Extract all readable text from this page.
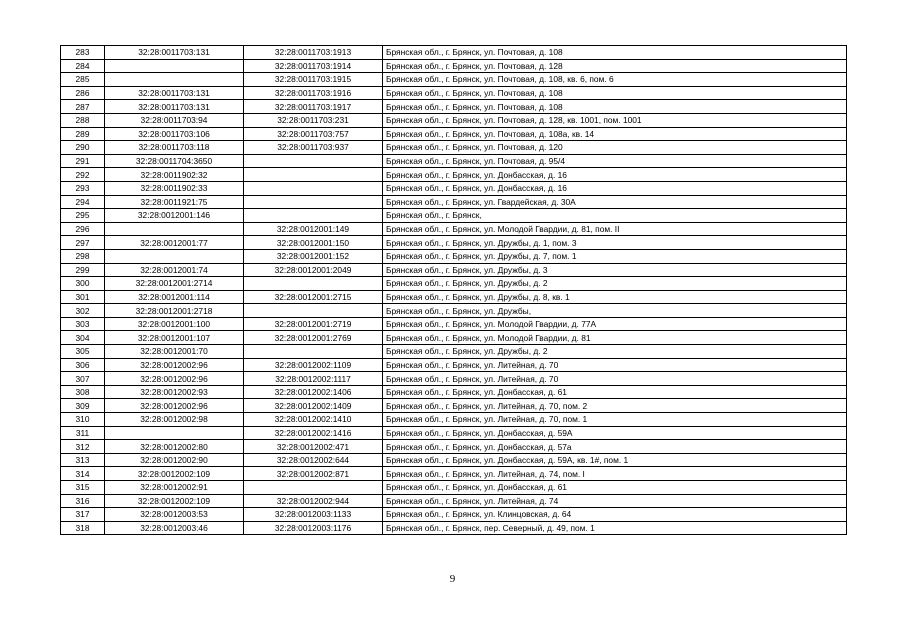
283	32:28:0011703:131	32:28:0011703:1913	Брянская обл., г. Брянск, ул. Почтовая, д. 108
284		32:28:0011703:1914	Брянская обл., г. Брянск, ул. Почтовая, д. 128
285		32:28:0011703:1915	Брянская обл., г. Брянск, ул. Почтовая, д. 108, кв. 6, пом. 6
286	32:28:0011703:131	32:28:0011703:1916	Брянская обл., г. Брянск, ул. Почтовая, д. 108
287	32:28:0011703:131	32:28:0011703:1917	Брянская обл., г. Брянск, ул. Почтовая, д. 108
288	32:28:0011703:94	32:28:0011703:231	Брянская обл., г. Брянск, ул. Почтовая, д. 128, кв. 1001, пом. 1001
289	32:28:0011703:106	32:28:0011703:757	Брянская обл., г. Брянск, ул. Почтовая, д. 108а, кв. 14
290	32:28:0011703:118	32:28:0011703:937	Брянская обл., г. Брянск, ул. Почтовая, д. 120
291	32:28:0011704:3650		Брянская обл., г. Брянск, ул. Почтовая, д. 95/4
292	32:28:0011902:32		Брянская обл., г. Брянск, ул. Донбасская, д. 16
293	32:28:0011902:33		Брянская обл., г. Брянск, ул. Донбасская, д. 16
294	32:28:0011921:75		Брянская обл., г. Брянск, ул. Гвардейская, д. 30А
295	32:28:0012001:146		Брянская обл., г. Брянск,
296		32:28:0012001:149	Брянская обл., г. Брянск, ул. Молодой Гвардии, д. 81, пом. II
297	32:28:0012001:77	32:28:0012001:150	Брянская обл., г. Брянск, ул. Дружбы, д. 1, пом. 3
298		32:28:0012001:152	Брянская обл., г. Брянск, ул. Дружбы, д. 7, пом. 1
299	32:28:0012001:74	32:28:0012001:2049	Брянская обл., г. Брянск, ул. Дружбы, д. 3
300	32:28:0012001:2714		Брянская обл., г. Брянск, ул. Дружбы, д. 2
301	32:28:0012001:114	32:28:0012001:2715	Брянская обл., г. Брянск, ул. Дружбы, д. 8, кв. 1
302	32:28:0012001:2718		Брянская обл., г. Брянск, ул. Дружбы,
303	32:28:0012001:100	32:28:0012001:2719	Брянская обл., г. Брянск, ул. Молодой Гвардии, д. 77А
304	32:28:0012001:107	32:28:0012001:2769	Брянская обл., г. Брянск, ул. Молодой Гвардии, д. 81
305	32:28:0012001:70		Брянская обл., г. Брянск, ул. Дружбы, д. 2
306	32:28:0012002:96	32:28:0012002:1109	Брянская обл., г. Брянск, ул. Литейная, д. 70
307	32:28:0012002:96	32:28:0012002:1117	Брянская обл., г. Брянск, ул. Литейная, д. 70
308	32:28:0012002:93	32:28:0012002:1406	Брянская обл., г. Брянск, ул. Донбасская, д. 61
309	32:28:0012002:96	32:28:0012002:1409	Брянская обл., г. Брянск, ул. Литейная, д. 70, пом. 2
310	32:28:0012002:98	32:28:0012002:1410	Брянская обл., г. Брянск, ул. Литейная, д. 70, пом. 1
311		32:28:0012002:1416	Брянская обл., г. Брянск, ул. Донбасская, д. 59А
312	32:28:0012002:80	32:28:0012002:471	Брянская обл., г. Брянск, ул. Донбасская, д. 57а
313	32:28:0012002:90	32:28:0012002:644	Брянская обл., г. Брянск, ул. Донбасская, д. 59А, кв. 1#, пом. 1
314	32:28:0012002:109	32:28:0012002:871	Брянская обл., г. Брянск, ул. Литейная, д. 74, пом. I
315	32:28:0012002:91		Брянская обл., г. Брянск, ул. Донбасская, д. 61
316	32:28:0012002:109	32:28:0012002:944	Брянская обл., г. Брянск, ул. Литейная, д. 74
317	32:28:0012003:53	32:28:0012003:1133	Брянская обл., г. Брянск, ул. Клинцовская, д. 64
318	32:28:0012003:46	32:28:0012003:1176	Брянская обл., г. Брянск, пер. Северный, д. 49, пом. 1
9
